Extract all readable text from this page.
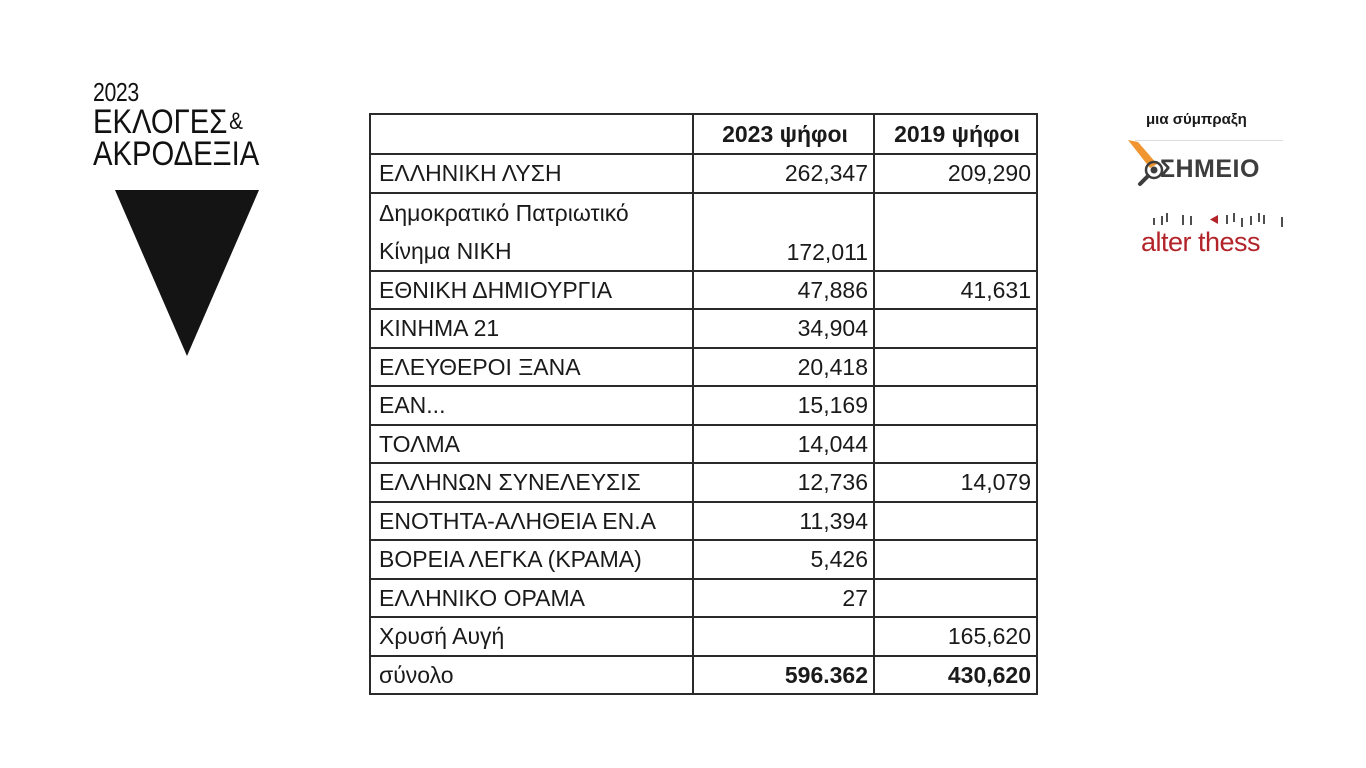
2023
ΕΚΛΟΓΕΣ&
ΑΚΡΟΔΕΞΙΑ
	2023 ψήφοι	2019 ψήφοι
ΕΛΛΗΝΙΚΗ ΛΥΣΗ	262,347	209,290

Δημοκρατικό Πατριωτικό
Κίνημα ΝΙΚΗ	172,011	
ΕΘΝΙΚΗ ΔΗΜΙΟΥΡΓΙΑ	47,886	41,631
ΚΙΝΗΜΑ 21	34,904	
ΕΛΕΥΘΕΡΟΙ ΞΑΝΑ	20,418	
ΕΑΝ...	15,169	
ΤΟΛΜΑ	14,044	
ΕΛΛΗΝΩΝ ΣΥΝΕΛΕΥΣΙΣ	12,736	14,079
ΕΝΟΤΗΤΑ-ΑΛΗΘΕΙΑ ΕΝ.Α	11,394	
ΒΟΡΕΙΑ ΛΕΓΚΑ (ΚΡΑΜΑ)	5,426	
ΕΛΛΗΝΙΚΟ ΟΡΑΜΑ	27	
Χρυσή Αυγή		165,620
σύνολο	596.362	430,620
μια σύμπραξη
ΣΗΜΕΙΟ
alter thess
